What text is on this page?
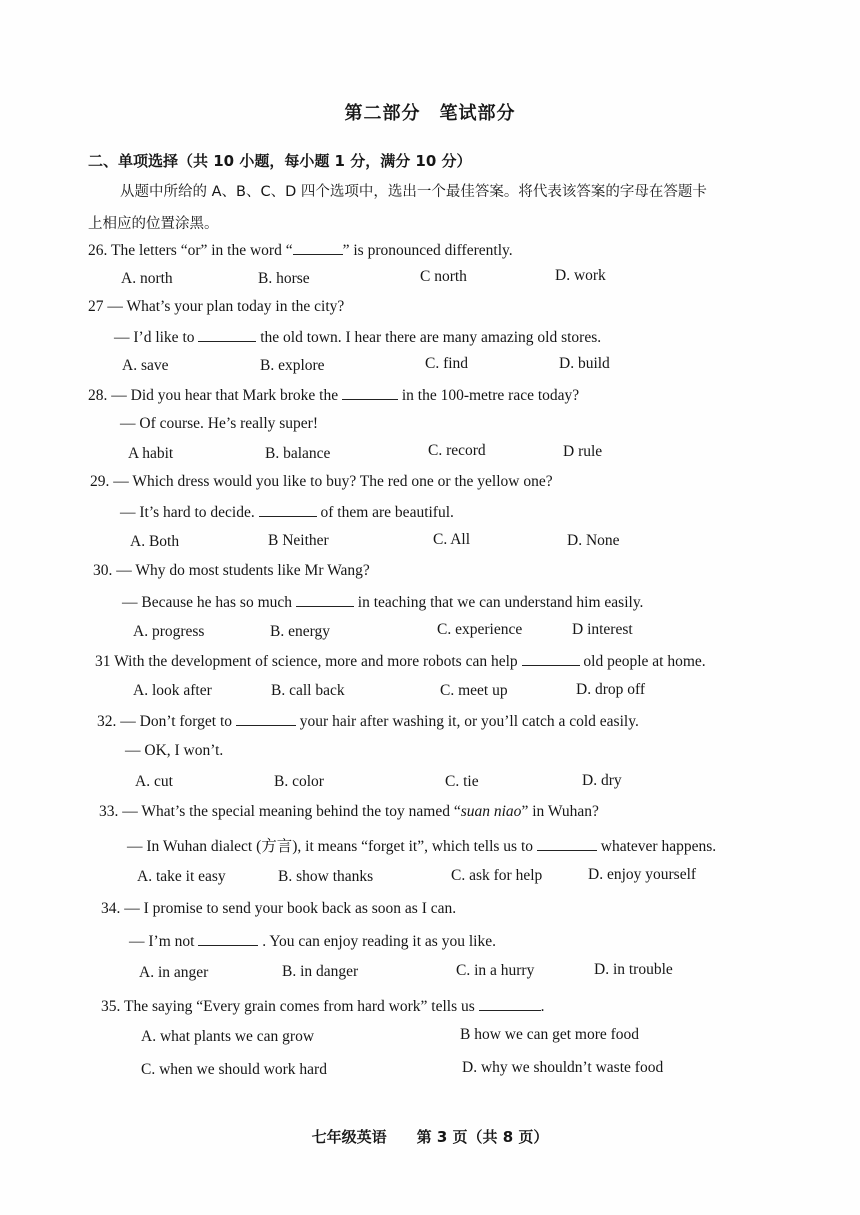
第二部分　笔试部分
二、单项选择（共 10 小题，每小题 1 分，满分 10 分）
从题中所给的 A、B、C、D 四个选项中，选出一个最佳答案。将代表该答案的字母在答题卡
上相应的位置涂黑。
26. The letters “or” in the word “	” is pronounced differently.
A. north	B. horse	C north	D. work
27 — What’s your plan today in the city?
— I’d like to	the old town. I hear there are many amazing old stores.
A. save	B. explore	C. find	D. build
28. — Did you hear that Mark broke the	in the 100-metre race today?
— Of course. He’s really super!
A habit	B. balance	C. record	D rule
29. — Which dress would you like to buy? The red one or the yellow one?
— It’s hard to decide.	of them are beautiful.
A. Both	B Neither	C. All	D. None
30. — Why do most students like Mr Wang?
— Because he has so much	in teaching that we can understand him easily.
A. progress	B. energy	C. experience	D interest
31 With the development of science, more and more robots can help	old people at home.
A. look after	B. call back	C. meet up	D. drop off
32. — Don’t forget to	your hair after washing it, or you’ll catch a cold easily.
— OK, I won’t.
A. cut	B. color	C. tie	D. dry
33. — What’s the special meaning behind the toy named “suan niao” in Wuhan?
— In Wuhan dialect (方言), it means “forget it”, which tells us to	whatever happens.
A. take it easy	B. show thanks	C. ask for help	D. enjoy yourself
34. — I promise to send your book back as soon as I can.
— I’m not	. You can enjoy reading it as you like.
A. in anger	B. in danger	C. in a hurry	D. in trouble
35. The saying “Every grain comes from hard work” tells us	.
A. what plants we can grow	B how we can get more food
C. when we should work hard	D. why we shouldn’t waste food
七年级英语　　第 3 页（共 8 页）
